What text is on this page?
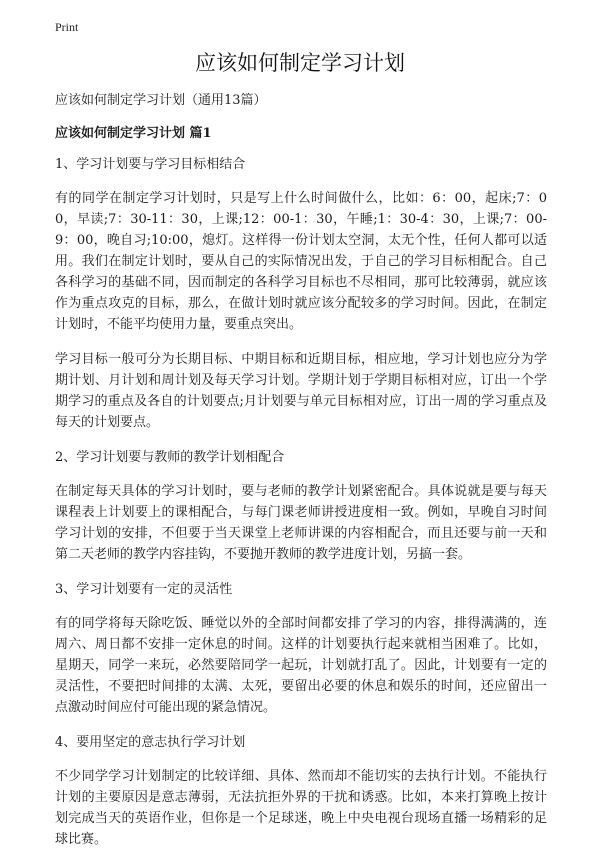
Print
应该如何制定学习计划

应该如何制定学习计划（通用13篇）

应该如何制定学习计划 篇1

1、学习计划要与学习目标相结合

有的同学在制定学习计划时，只是写上什么时间做什么，比如：6：00，起床;7：00，早读;7：30-11：30，上课;12：00-1：30，午睡;1：30-4：30，上课;7：00-9：00，晚自习;10:00，熄灯。这样得一份计划太空洞，太无个性，任何人都可以适用。我们在制定计划时，要从自己的实际情况出发，于自己的学习目标相配合。自己各科学习的基础不同，因而制定的各科学习目标也不尽相同，那可比较薄弱，就应该作为重点攻克的目标，那么，在做计划时就应该分配较多的学习时间。因此，在制定计划时，不能平均使用力量，要重点突出。

学习目标一般可分为长期目标、中期目标和近期目标，相应地，学习计划也应分为学期计划、月计划和周计划及每天学习计划。学期计划于学期目标相对应，订出一个学期学习的重点及各自的计划要点;月计划要与单元目标相对应，订出一周的学习重点及每天的计划要点。

2、学习计划要与教师的教学计划相配合

在制定每天具体的学习计划时，要与老师的教学计划紧密配合。具体说就是要与每天课程表上计划要上的课相配合，与每门课老师讲授进度相一致。例如，早晚自习时间学习计划的安排，不但要于当天课堂上老师讲课的内容相配合，而且还要与前一天和第二天老师的教学内容挂钩，不要抛开教师的教学进度计划，另搞一套。

3、学习计划要有一定的灵活性

有的同学将每天除吃饭、睡觉以外的全部时间都安排了学习的内容，排得满满的，连周六、周日都不安排一定休息的时间。这样的计划要执行起来就相当困难了。比如，星期天，同学一来玩，必然要陪同学一起玩，计划就打乱了。因此，计划要有一定的灵活性，不要把时间排的太满、太死，要留出必要的休息和娱乐的时间，还应留出一点激动时间应付可能出现的紧急情况。

4、要用坚定的意志执行学习计划

不少同学学习计划制定的比较详细、具体、然而却不能切实的去执行计划。不能执行计划的主要原因是意志薄弱，无法抗拒外界的干扰和诱惑。比如，本来打算晚上按计划完成当天的英语作业，但你是一个足球迷，晚上中央电视台现场直播一场精彩的足球比赛。
